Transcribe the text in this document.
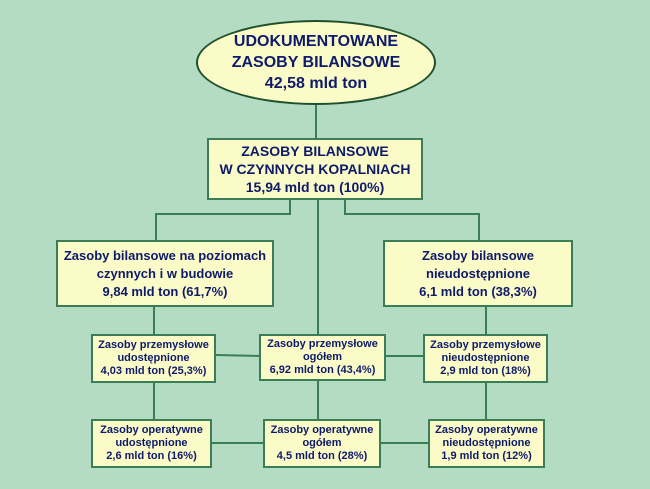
UDOKUMENTOWANE
ZASOBY BILANSOWE
42,58 mld ton
ZASOBY BILANSOWE
W CZYNNYCH KOPALNIACH
15,94 mld ton (100%)
Zasoby bilansowe na poziomach
czynnych i w budowie
9,84 mld ton (61,7%)
Zasoby bilansowe
nieudostępnione
6,1 mld ton (38,3%)
Zasoby przemysłowe
udostępnione
4,03 mld ton (25,3%)
Zasoby przemysłowe
ogółem
6,92 mld ton (43,4%)
Zasoby przemysłowe
nieudostępnione
2,9 mld ton (18%)
Zasoby operatywne
udostępnione
2,6 mld ton (16%)
Zasoby operatywne
ogółem
4,5 mld ton (28%)
Zasoby operatywne
nieudostępnione
1,9 mld ton (12%)
